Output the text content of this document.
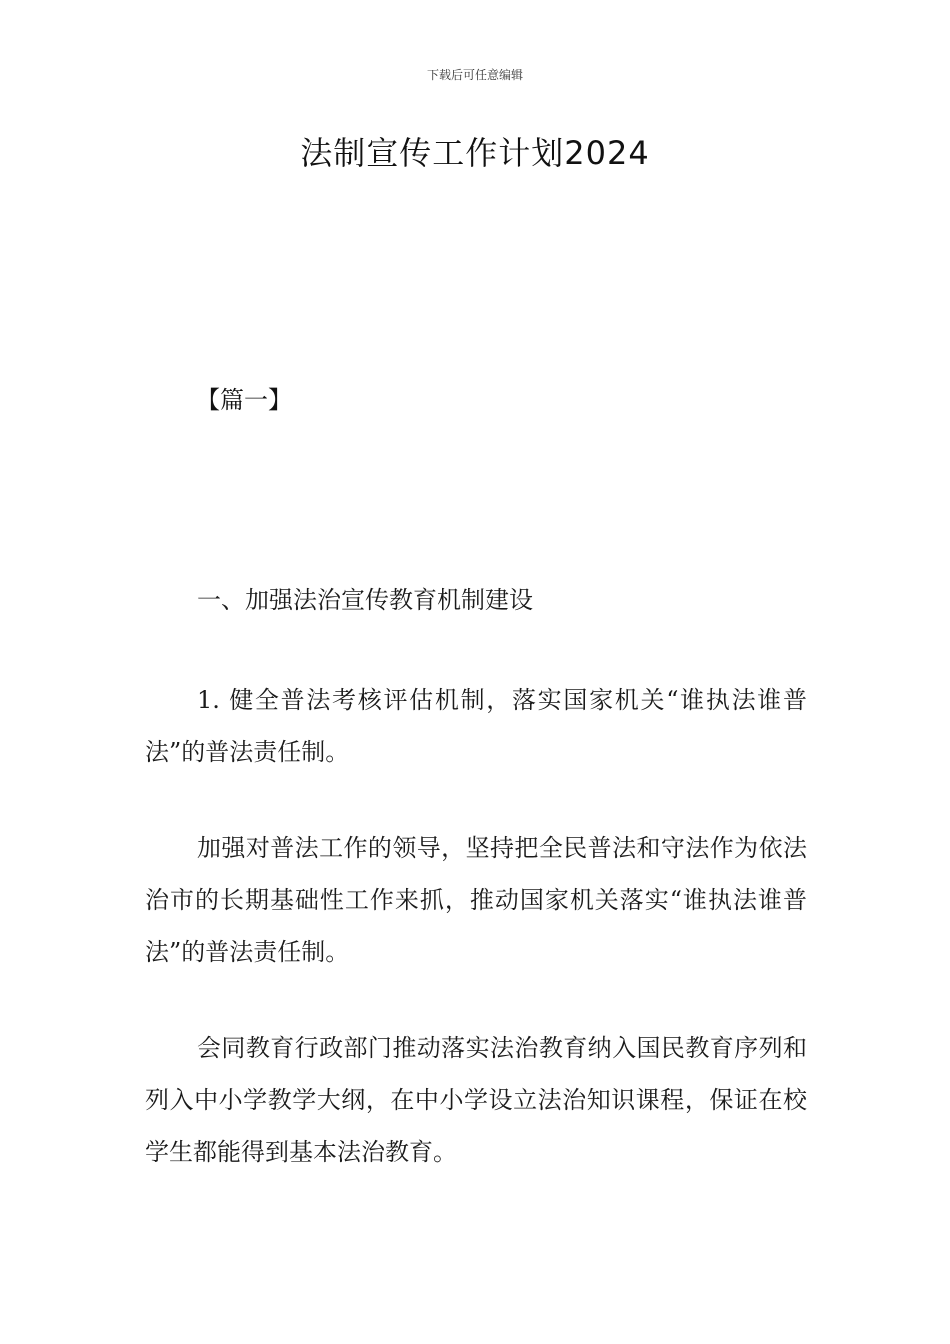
下载后可任意编辑
法制宣传工作计划2024
【篇一】

一、加强法治宣传教育机制建设

1. 健全普法考核评估机制，落实国家机关“谁执法谁普法”的普法责任制。

加强对普法工作的领导，坚持把全民普法和守法作为依法治市的长期基础性工作来抓，推动国家机关落实“谁执法谁普法”的普法责任制。

会同教育行政部门推动落实法治教育纳入国民教育序列和列入中小学教学大纲，在中小学设立法治知识课程，保证在校学生都能得到基本法治教育。
